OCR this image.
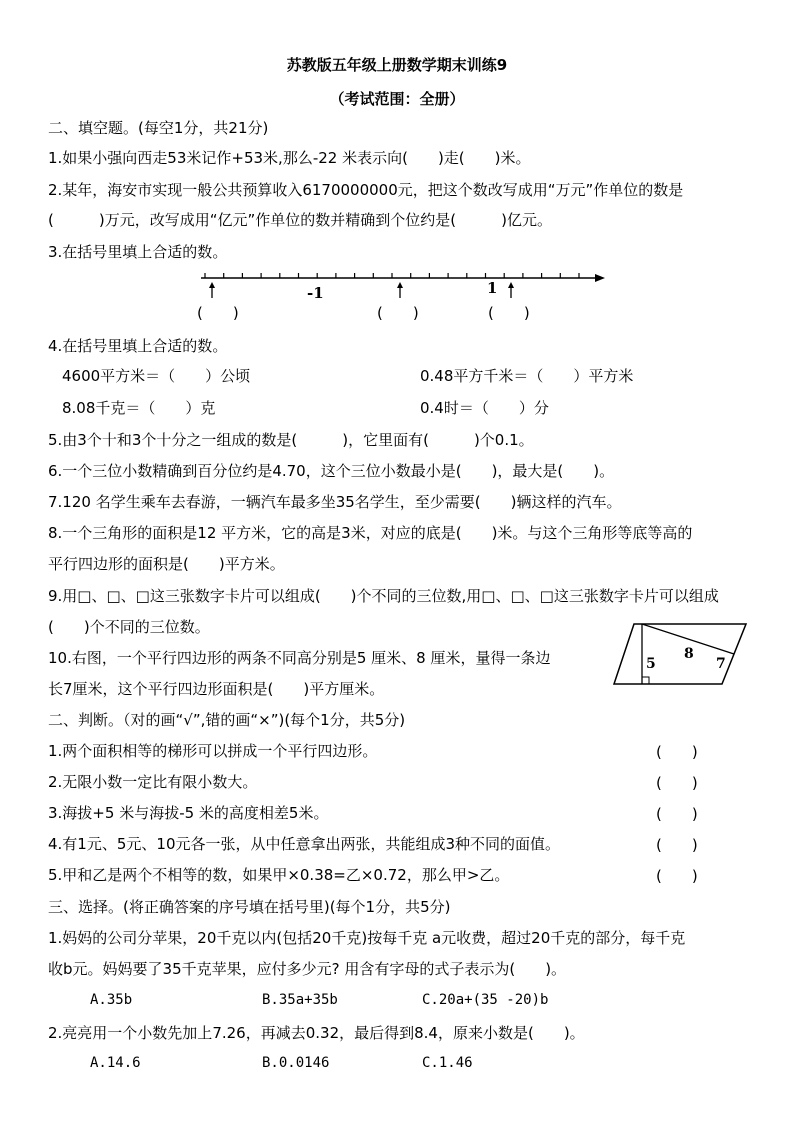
苏教版五年级上册数学期末训练9
（考试范围：全册）
二、填空题。(每空1分，共21分)
1.如果小强向西走53米记作+53米,那么-22 米表示向(　　)走(　　)米。
2.某年，海安市实现一般公共预算收入6170000000元，把这个数改写成用“万元”作单位的数是
(　　　)万元，改写成用“亿元”作单位的数并精确到个位约是(　　　)亿元。
3.在括号里填上合适的数。
-1	1
(　　)	(　　)	(　　)
4.在括号里填上合适的数。
4600平方米＝（　　）公顷	0.48平方千米＝（　　）平方米
8.08千克＝（　　）克	0.4时＝（　　）分
5.由3个十和3个十分之一组成的数是(　　　)，它里面有(　　　)个0.1。
6.一个三位小数精确到百分位约是4.70，这个三位小数最小是(　　)，最大是(　　)。
7.120 名学生乘车去春游，一辆汽车最多坐35名学生，至少需要(　　)辆这样的汽车。
8.一个三角形的面积是12 平方米，它的高是3米，对应的底是(　　)米。与这个三角形等底等高的
平行四边形的面积是(　　)平方米。
9.用□、□、□这三张数字卡片可以组成(　　)个不同的三位数,用□、□、□这三张数字卡片可以组成
(　　)个不同的三位数。
10.右图，一个平行四边形的两条不同高分别是5 厘米、8 厘米，量得一条边
长7厘米，这个平行四边形面积是(　　)平方厘米。
5
8
7
二、判断。（对的画“√”,错的画“×”)(每个1分，共5分)
1.两个面积相等的梯形可以拼成一个平行四边形。	(　　)
2.无限小数一定比有限小数大。	(　　)
3.海拔+5 米与海拔-5 米的高度相差5米。	(　　)
4.有1元、5元、10元各一张，从中任意拿出两张，共能组成3种不同的面值。	(　　)
5.甲和乙是两个不相等的数，如果甲×0.38=乙×0.72，那么甲>乙。	(　　)
三、选择。(将正确答案的序号填在括号里)(每个1分，共5分)
1.妈妈的公司分苹果，20千克以内(包括20千克)按每千克 a元收费，超过20千克的部分，每千克
收b元。妈妈要了35千克苹果，应付多少元? 用含有字母的式子表示为(　　)。
A.35b	B.35a+35b	C.20a+(35 -20)b
2.亮亮用一个小数先加上7.26，再减去0.32，最后得到8.4，原来小数是(　　)。
A.14.6	B.0.0146	C.1.46
